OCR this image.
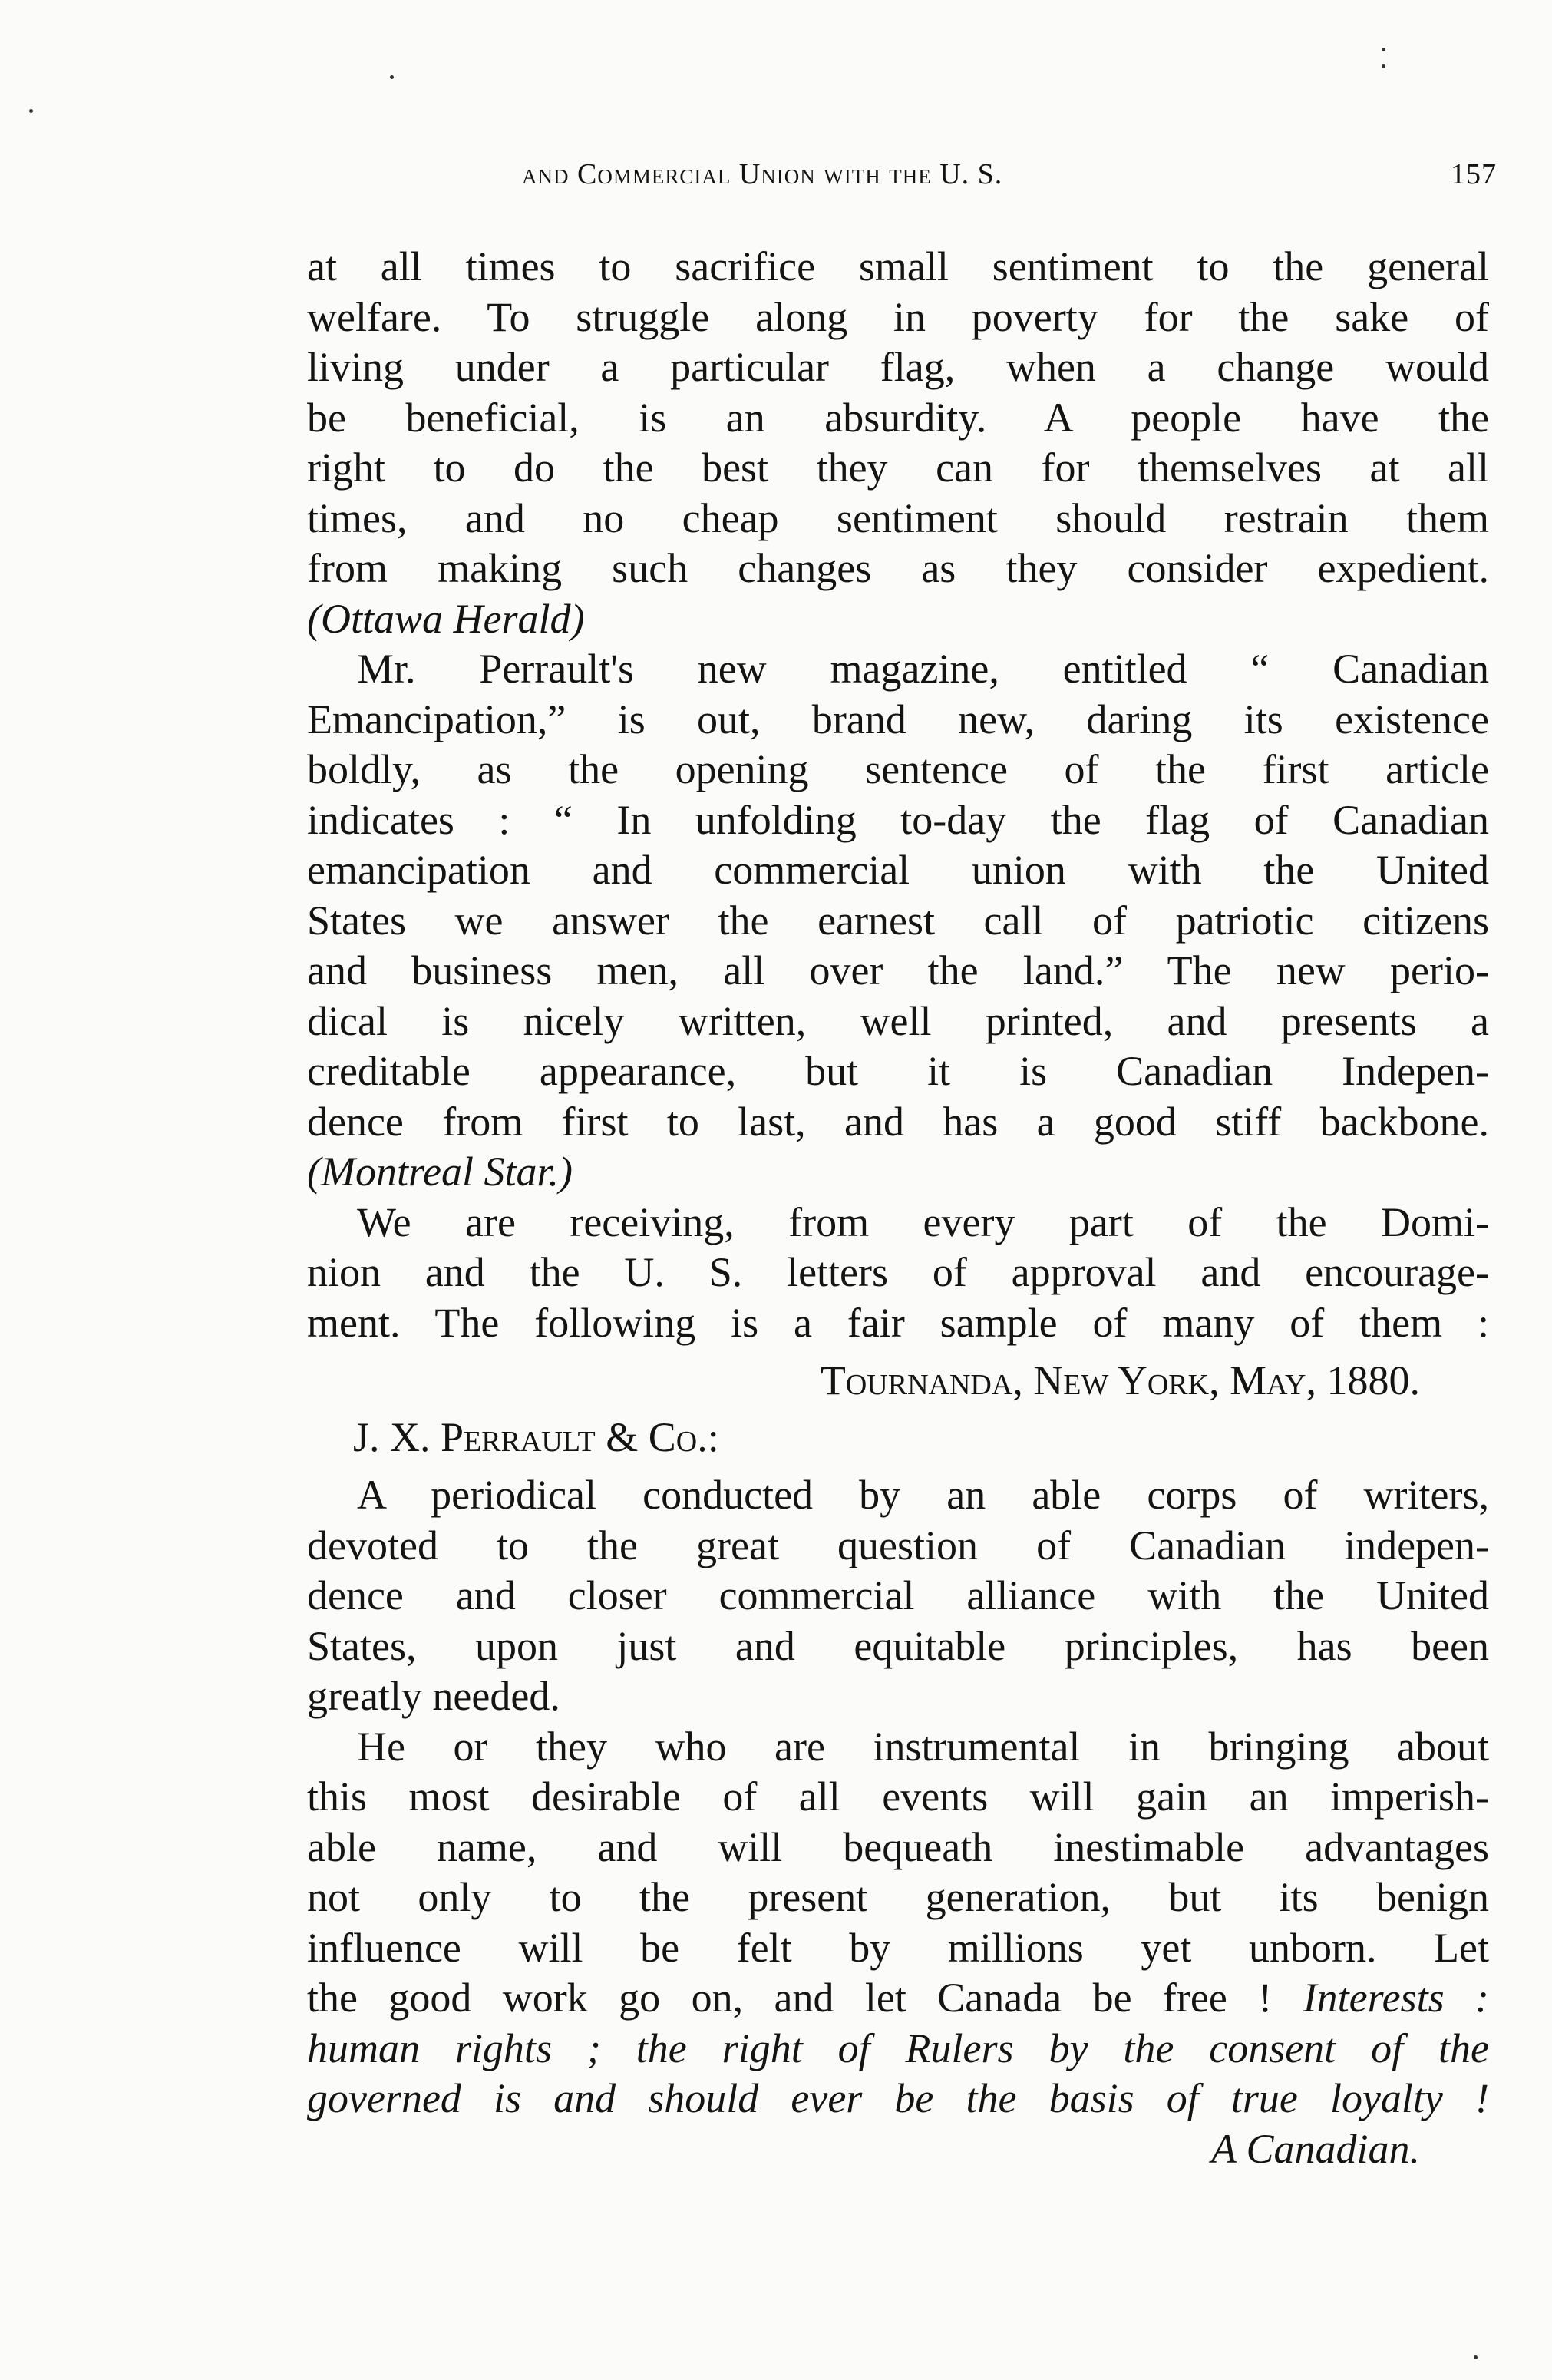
and Commercial Union with the U. S.	157
at all times to sacrifice small sentiment to the general
welfare. To struggle along in poverty for the sake of
living under a particular flag, when a change would
be beneficial, is an absurdity. A people have the
right to do the best they can for themselves at all
times, and no cheap sentiment should restrain them
from making such changes as they consider expedient.
(Ottawa Herald)
Mr. Perrault's new magazine, entitled “ Canadian
Emancipation,” is out, brand new, daring its existence
boldly, as the opening sentence of the first article
indicates : “ In unfolding to-day the flag of Canadian
emancipation and commercial union with the United
States we answer the earnest call of patriotic citizens
and business men, all over the land.” The new perio-
dical is nicely written, well printed, and presents a
creditable appearance, but it is Canadian Indepen-
dence from first to last, and has a good stiff backbone.
(Montreal Star.)
We are receiving, from every part of the Domi-
nion and the U. S. letters of approval and encourage-
ment. The following is a fair sample of many of them :
Tournanda, New York, May, 1880.
J. X. Perrault & Co.:
A periodical conducted by an able corps of writers,
devoted to the great question of Canadian indepen-
dence and closer commercial alliance with the United
States, upon just and equitable principles, has been
greatly needed.
He or they who are instrumental in bringing about
this most desirable of all events will gain an imperish-
able name, and will bequeath inestimable advantages
not only to the present generation, but its benign
influence will be felt by millions yet unborn. Let
the good work go on, and let Canada be free ! Interests :
human rights ; the right of Rulers by the consent of the
governed is and should ever be the basis of true loyalty !
A Canadian.
